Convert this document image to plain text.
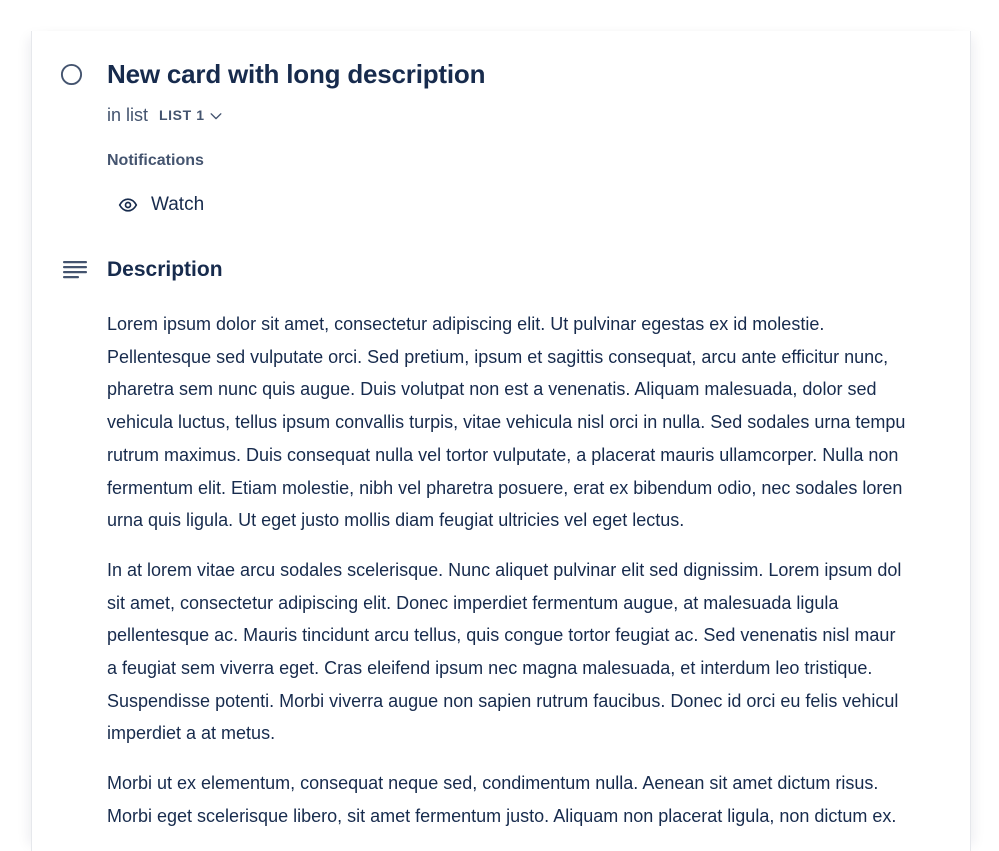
New card with long description
in list LIST 1
Notifications
Watch
Description

Lorem ipsum dolor sit amet, consectetur adipiscing elit. Ut pulvinar egestas ex id molestie.
Pellentesque sed vulputate orci. Sed pretium, ipsum et sagittis consequat, arcu ante efficitur nunc,
pharetra sem nunc quis augue. Duis volutpat non est a venenatis. Aliquam malesuada, dolor sed
vehicula luctus, tellus ipsum convallis turpis, vitae vehicula nisl orci in nulla. Sed sodales urna tempu
rutrum maximus. Duis consequat nulla vel tortor vulputate, a placerat mauris ullamcorper. Nulla non
fermentum elit. Etiam molestie, nibh vel pharetra posuere, erat ex bibendum odio, nec sodales loren
urna quis ligula. Ut eget justo mollis diam feugiat ultricies vel eget lectus.

In at lorem vitae arcu sodales scelerisque. Nunc aliquet pulvinar elit sed dignissim. Lorem ipsum dol
sit amet, consectetur adipiscing elit. Donec imperdiet fermentum augue, at malesuada ligula
pellentesque ac. Mauris tincidunt arcu tellus, quis congue tortor feugiat ac. Sed venenatis nisl maur
a feugiat sem viverra eget. Cras eleifend ipsum nec magna malesuada, et interdum leo tristique.
Suspendisse potenti. Morbi viverra augue non sapien rutrum faucibus. Donec id orci eu felis vehicul
imperdiet a at metus.

Morbi ut ex elementum, consequat neque sed, condimentum nulla. Aenean sit amet dictum risus.
Morbi eget scelerisque libero, sit amet fermentum justo. Aliquam non placerat ligula, non dictum ex.
